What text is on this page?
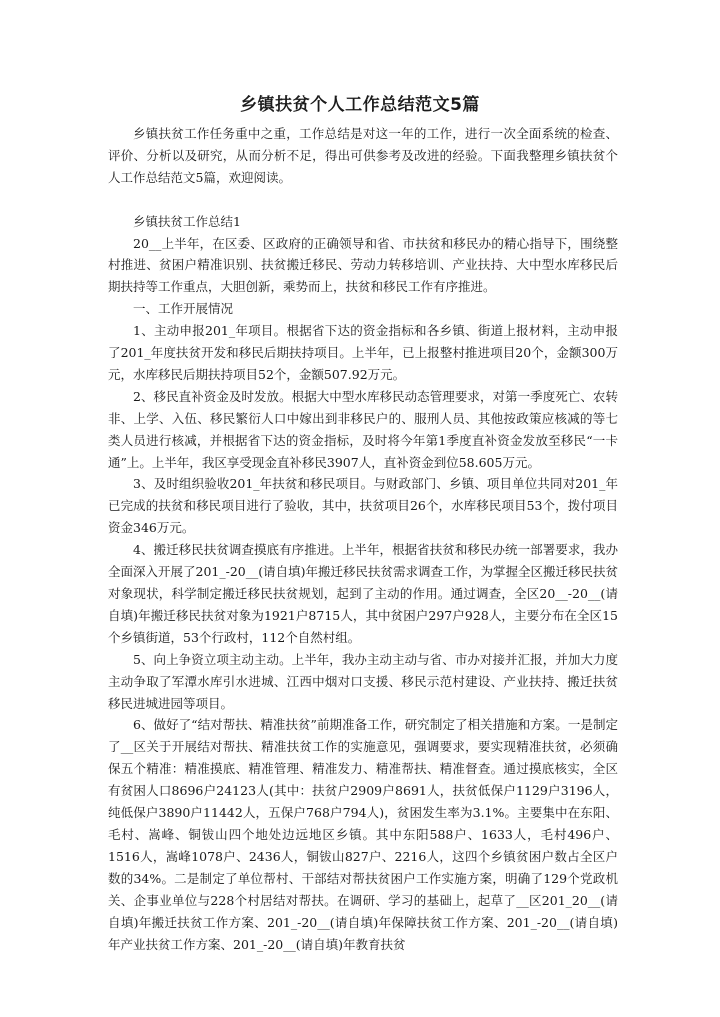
乡镇扶贫个人工作总结范文5篇

乡镇扶贫工作任务重中之重，工作总结是对这一年的工作，进行一次全面系统的检查、评价、分析以及研究，从而分析不足，得出可供参考及改进的经验。下面我整理乡镇扶贫个人工作总结范文5篇，欢迎阅读。

乡镇扶贫工作总结1

20__上半年，在区委、区政府的正确领导和省、市扶贫和移民办的精心指导下，围绕整村推进、贫困户精准识别、扶贫搬迁移民、劳动力转移培训、产业扶持、大中型水库移民后期扶持等工作重点，大胆创新，乘势而上，扶贫和移民工作有序推进。

一、工作开展情况

1、主动申报201_年项目。根据省下达的资金指标和各乡镇、街道上报材料，主动申报了201_年度扶贫开发和移民后期扶持项目。上半年，已上报整村推进项目20个，金额300万元，水库移民后期扶持项目52个，金额507.92万元。

2、移民直补资金及时发放。根据大中型水库移民动态管理要求，对第一季度死亡、农转非、上学、入伍、移民繁衍人口中嫁出到非移民户的、服刑人员、其他按政策应核减的等七类人员进行核减，并根据省下达的资金指标，及时将今年第1季度直补资金发放至移民“一卡通”上。上半年，我区享受现金直补移民3907人，直补资金到位58.605万元。

3、及时组织验收201_年扶贫和移民项目。与财政部门、乡镇、项目单位共同对201_年已完成的扶贫和移民项目进行了验收，其中，扶贫项目26个，水库移民项目53个，拨付项目资金346万元。

4、搬迁移民扶贫调查摸底有序推进。上半年，根据省扶贫和移民办统一部署要求，我办全面深入开展了201_-20__(请自填)年搬迁移民扶贫需求调查工作，为掌握全区搬迁移民扶贫对象现状，科学制定搬迁移民扶贫规划，起到了主动的作用。通过调查，全区20__-20__(请自填)年搬迁移民扶贫对象为1921户8715人，其中贫困户297户928人，主要分布在全区15个乡镇街道，53个行政村，112个自然村组。

5、向上争资立项主动主动。上半年，我办主动主动与省、市办对接并汇报，并加大力度主动争取了军潭水库引水进城、江西中烟对口支援、移民示范村建设、产业扶持、搬迁扶贫移民进城进园等项目。

6、做好了“结对帮扶、精准扶贫”前期准备工作，研究制定了相关措施和方案。一是制定了__区关于开展结对帮扶、精准扶贫工作的实施意见，强调要求，要实现精准扶贫，必须确保五个精准：精准摸底、精准管理、精准发力、精准帮扶、精准督查。通过摸底核实，全区有贫困人口8696户24123人(其中：扶贫户2909户8691人，扶贫低保户1129户3196人，纯低保户3890户11442人，五保户768户794人)，贫困发生率为3.1%。主要集中在东阳、毛村、嵩峰、铜钹山四个地处边远地区乡镇。其中东阳588户、1633人，毛村496户、1516人，嵩峰1078户、2436人，铜钹山827户、2216人，这四个乡镇贫困户数占全区户数的34%。二是制定了单位帮村、干部结对帮扶贫困户工作实施方案，明确了129个党政机关、企事业单位与228个村居结对帮扶。在调研、学习的基础上，起草了__区201_20__(请自填)年搬迁扶贫工作方案、201_-20__(请自填)年保障扶贫工作方案、201_-20__(请自填)年产业扶贫工作方案、201_-20__(请自填)年教育扶贫
